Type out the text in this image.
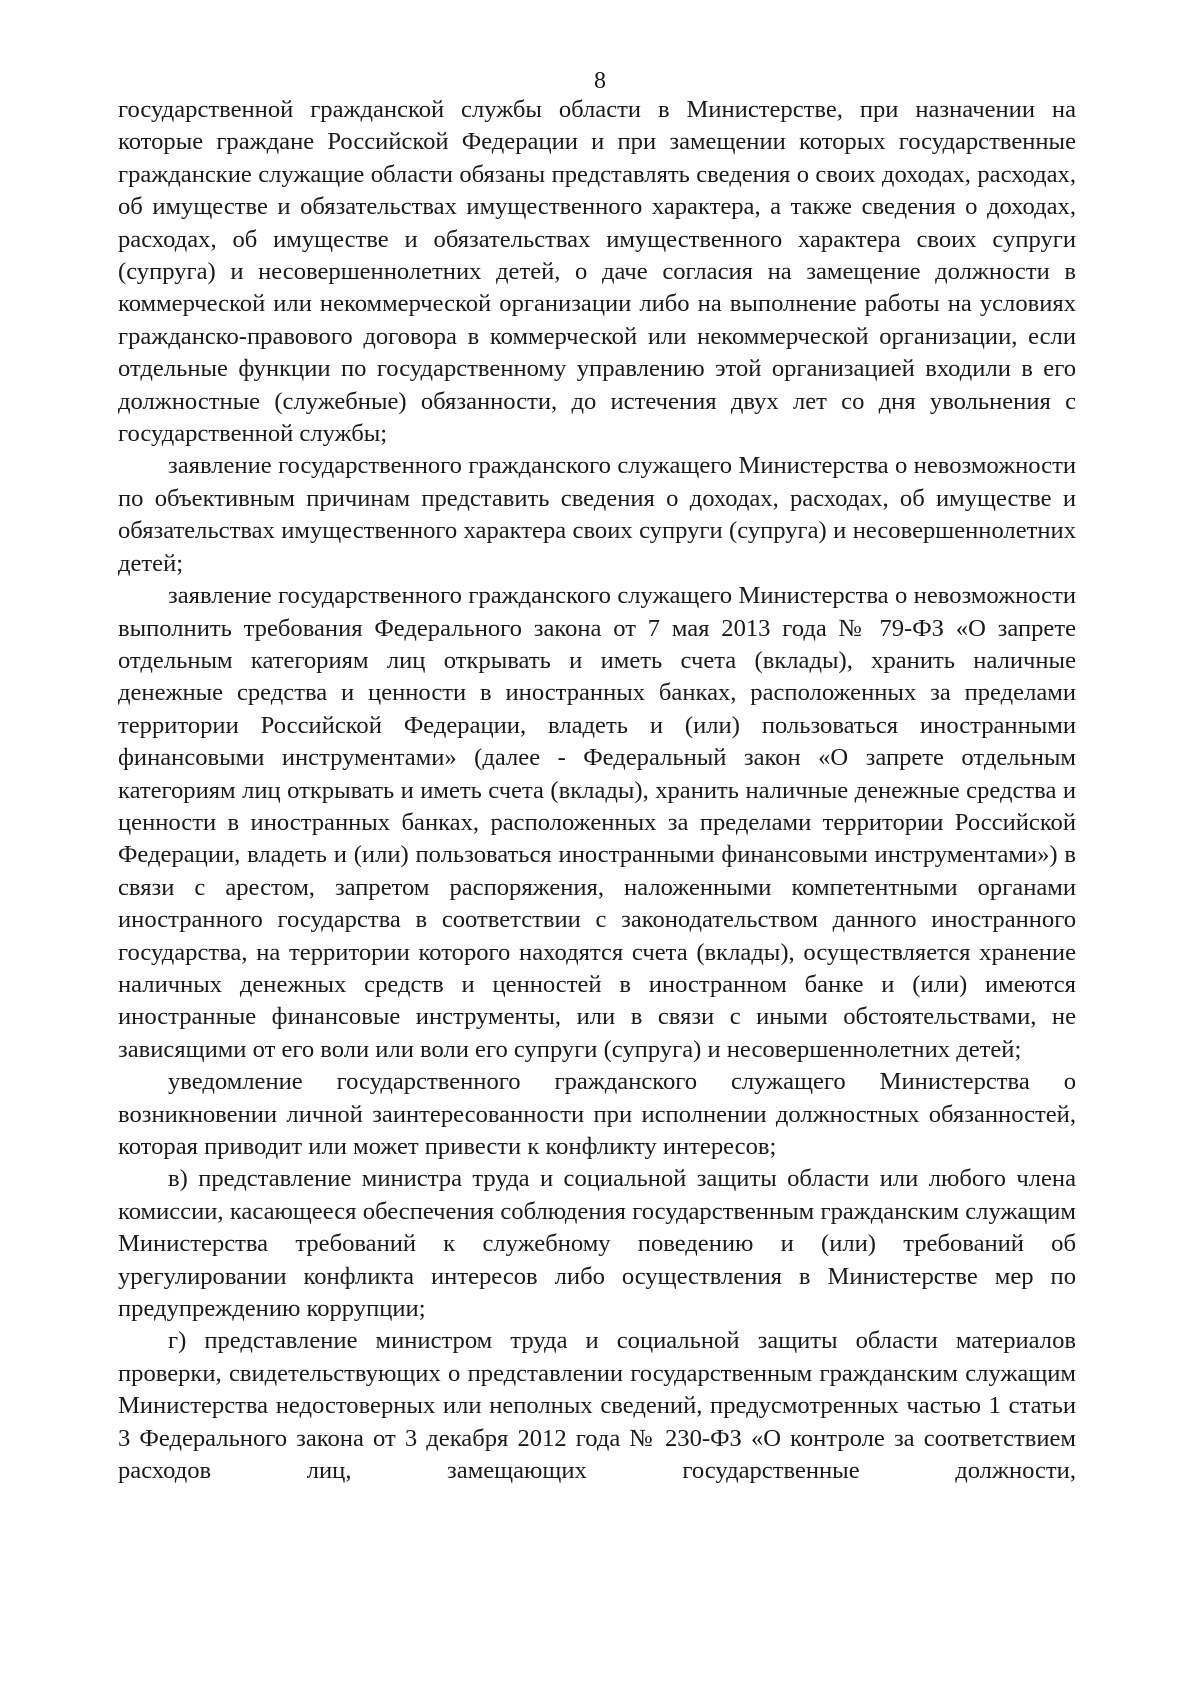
8

государственной гражданской службы области в Министерстве, при назначении на которые граждане Российской Федерации и при замещении которых государственные гражданские служащие области обязаны представлять сведения о своих доходах, расходах, об имуществе и обязательствах имущественного характера, а также сведения о доходах, расходах, об имуществе и обязательствах имущественного характера своих супруги (супруга) и несовершеннолетних детей, о даче согласия на замещение должности в коммерческой или некоммерческой организации либо на выполнение работы на условиях гражданско-правового договора в коммерческой или некоммерческой организации, если отдельные функции по государственному управлению этой организацией входили в его должностные (служебные) обязанности, до истечения двух лет со дня увольнения с государственной службы;

заявление государственного гражданского служащего Министерства о невозможности по объективным причинам представить сведения о доходах, расходах, об имуществе и обязательствах имущественного характера своих супруги (супруга) и несовершеннолетних детей;

заявление государственного гражданского служащего Министерства о невозможности выполнить требования Федерального закона от 7 мая 2013 года № 79-ФЗ «О запрете отдельным категориям лиц открывать и иметь счета (вклады), хранить наличные денежные средства и ценности в иностранных банках, расположенных за пределами территории Российской Федерации, владеть и (или) пользоваться иностранными финансовыми инструментами» (далее - Федеральный закон «О запрете отдельным категориям лиц открывать и иметь счета (вклады), хранить наличные денежные средства и ценности в иностранных банках, расположенных за пределами территории Российской Федерации, владеть и (или) пользоваться иностранными финансовыми инструментами») в связи с арестом, запретом распоряжения, наложенными компетентными органами иностранного государства в соответствии с законодательством данного иностранного государства, на территории которого находятся счета (вклады), осуществляется хранение наличных денежных средств и ценностей в иностранном банке и (или) имеются иностранные финансовые инструменты, или в связи с иными обстоятельствами, не зависящими от его воли или воли его супруги (супруга) и несовершеннолетних детей;

уведомление государственного гражданского служащего Министерства о возникновении личной заинтересованности при исполнении должностных обязанностей, которая приводит или может привести к конфликту интересов;

в) представление министра труда и социальной защиты области или любого члена комиссии, касающееся обеспечения соблюдения государственным гражданским служащим Министерства требований к служебному поведению и (или) требований об урегулировании конфликта интересов либо осуществления в Министерстве мер по предупреждению коррупции;

г) представление министром труда и социальной защиты области материалов проверки, свидетельствующих о представлении государственным гражданским служащим Министерства недостоверных или неполных сведений, предусмотренных частью 1 статьи 3 Федерального закона от 3 декабря 2012 года № 230-ФЗ «О контроле за соответствием расходов лиц, замещающих государственные должности,
